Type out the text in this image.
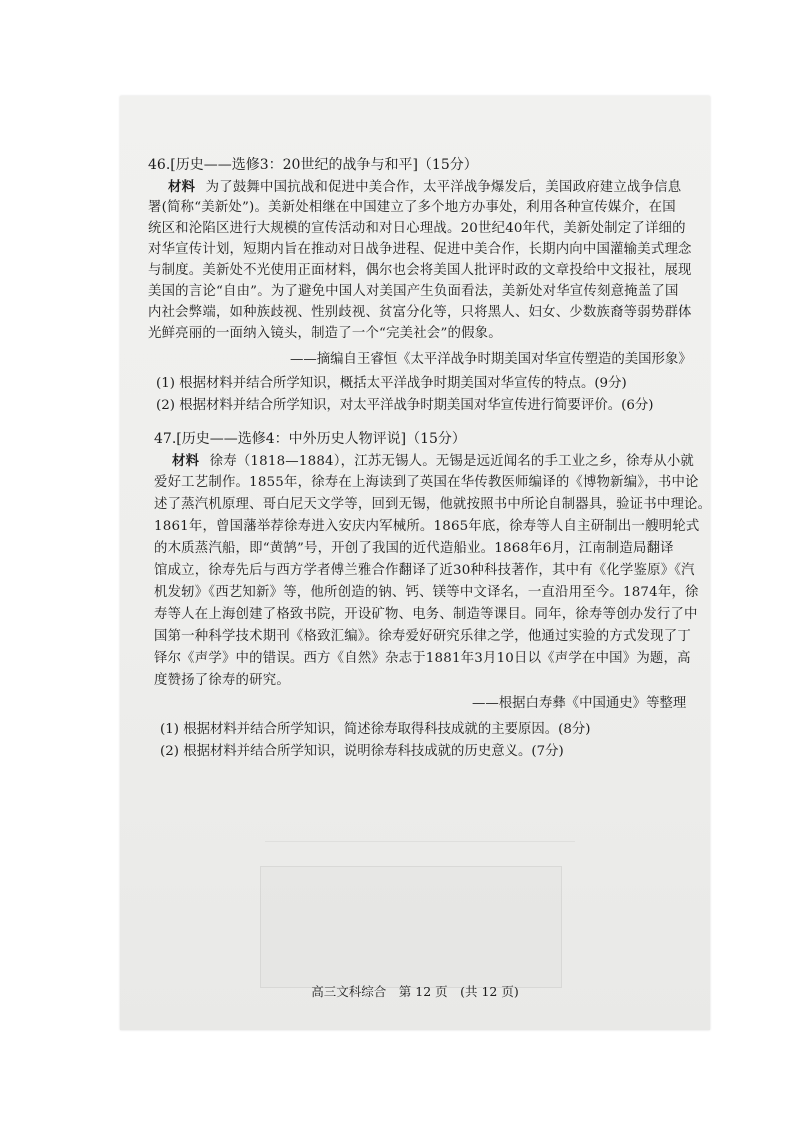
46.[历史——选修3：20世纪的战争与和平]（15分）
材料 为了鼓舞中国抗战和促进中美合作，太平洋战争爆发后，美国政府建立战争信息
署(简称“美新处”)。美新处相继在中国建立了多个地方办事处，利用各种宣传媒介，在国
统区和沦陷区进行大规模的宣传活动和对日心理战。20世纪40年代，美新处制定了详细的
对华宣传计划，短期内旨在推动对日战争进程、促进中美合作，长期内向中国灌输美式理念
与制度。美新处不光使用正面材料，偶尔也会将美国人批评时政的文章投给中文报社，展现
美国的言论“自由”。为了避免中国人对美国产生负面看法，美新处对华宣传刻意掩盖了国
内社会弊端，如种族歧视、性别歧视、贫富分化等，只将黑人、妇女、少数族裔等弱势群体
光鲜亮丽的一面纳入镜头，制造了一个“完美社会”的假象。
——摘编自王睿恒《太平洋战争时期美国对华宣传塑造的美国形象》
(1) 根据材料并结合所学知识，概括太平洋战争时期美国对华宣传的特点。(9分)
(2) 根据材料并结合所学知识，对太平洋战争时期美国对华宣传进行简要评价。(6分)
47.[历史——选修4：中外历史人物评说]（15分）
材料 徐寿（1818—1884），江苏无锡人。无锡是远近闻名的手工业之乡，徐寿从小就
爱好工艺制作。1855年，徐寿在上海读到了英国在华传教医师编译的《博物新编》，书中论
述了蒸汽机原理、哥白尼天文学等，回到无锡，他就按照书中所论自制器具，验证书中理论。
1861年，曾国藩举荐徐寿进入安庆内军械所。1865年底，徐寿等人自主研制出一艘明轮式
的木质蒸汽船，即“黄鹄”号，开创了我国的近代造船业。1868年6月，江南制造局翻译
馆成立，徐寿先后与西方学者傅兰雅合作翻译了近30种科技著作，其中有《化学鉴原》《汽
机发轫》《西艺知新》等，他所创造的钠、钙、镁等中文译名，一直沿用至今。1874年，徐
寿等人在上海创建了格致书院，开设矿物、电务、制造等课目。同年，徐寿等创办发行了中
国第一种科学技术期刊《格致汇编》。徐寿爱好研究乐律之学，他通过实验的方式发现了丁
铎尔《声学》中的错误。西方《自然》杂志于1881年3月10日以《声学在中国》为题，高
度赞扬了徐寿的研究。
——根据白寿彝《中国通史》等整理
(1) 根据材料并结合所学知识，简述徐寿取得科技成就的主要原因。(8分)
(2) 根据材料并结合所学知识，说明徐寿科技成就的历史意义。(7分)
高三文科综合　第 12 页　(共 12 页)
